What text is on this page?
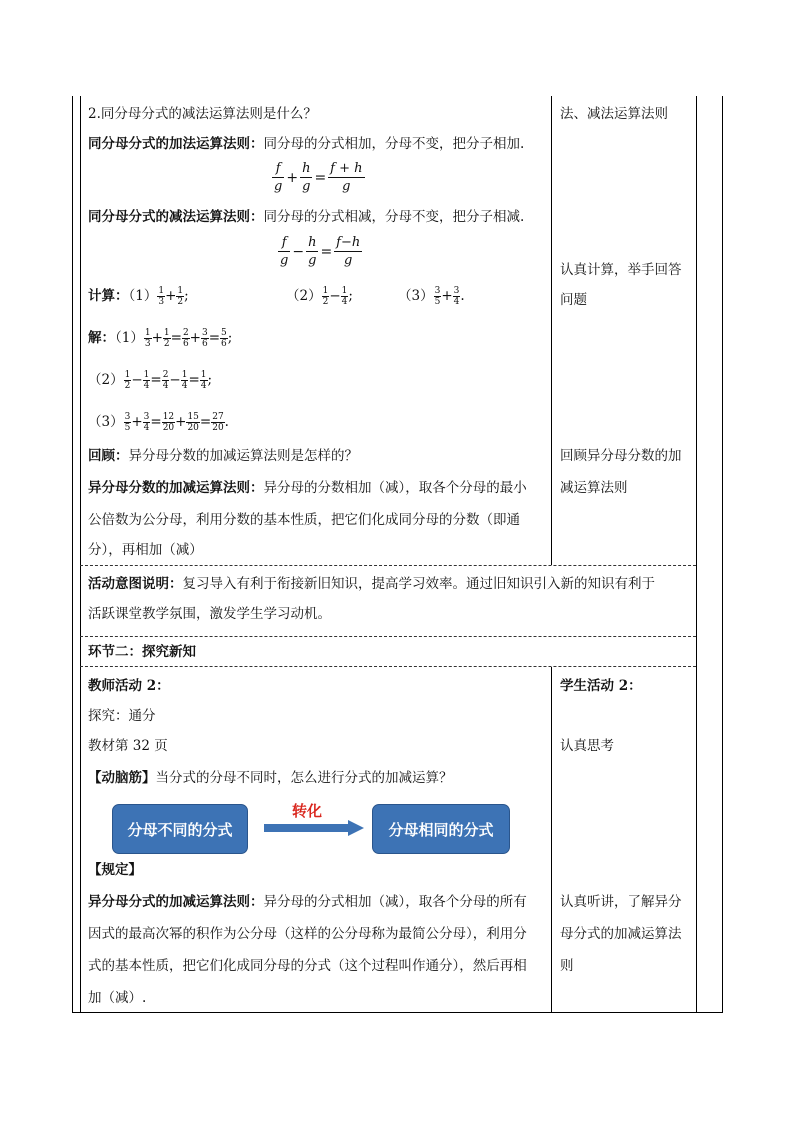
2.同分母分式的减法运算法则是什么？
同分母分式的加法运算法则：同分母的分式相加，分母不变，把分子相加.
$\frac{f}{g} + \frac{h}{g} = \frac{f + h}{g}$
同分母分式的减法运算法则：同分母的分式相减，分母不变，把分子相减.
$\frac{f}{g} - \frac{h}{g} = \frac{f-h}{g}$
计算：$(1) \frac{1}{3} + \frac{1}{2}$ ;	$(2) \frac{1}{2} - \frac{1}{4}$ ;	$(3) \frac{3}{5} + \frac{3}{4}$ .
解：$(1) \frac{1}{3} + \frac{1}{2} = \frac{2}{6} + \frac{3}{6} = \frac{5}{6}$ ;
$(2) \frac{1}{2} - \frac{1}{4} = \frac{2}{4} - \frac{1}{4} = \frac{1}{4}$ ;
$(3) \frac{3}{5} + \frac{3}{4} = \frac{12}{20} + \frac{15}{20} = \frac{27}{20}$ .
回顾：异分母分数的加减运算法则是怎样的？
异分母分数的加减运算法则：异分母的分数相加（减），取各个分母的最小
公倍数为公分母，利用分数的基本性质，把它们化成同分母的分数（即通
分），再相加（减）
法、减法运算法则
认真计算，举手回答
问题
回顾异分母分数的加
减运算法则
活动意图说明：复习导入有利于衔接新旧知识，提高学习效率。通过旧知识引入新的知识有利于
活跃课堂教学氛围，激发学生学习动机。
环节二：探究新知
教师活动 2：
探究：通分
教材第 32 页
【动脑筋】当分式的分母不同时，怎么进行分式的加减运算？
分母不同的分式
转化
分母相同的分式
【规定】
异分母分式的加减运算法则：异分母的分式相加（减），取各个分母的所有
因式的最高次幂的积作为公分母（这样的公分母称为最简公分母），利用分
式的基本性质，把它们化成同分母的分式（这个过程叫作通分），然后再相
加（减）.
学生活动 2：
认真思考
认真听讲，了解异分
母分式的加减运算法
则
